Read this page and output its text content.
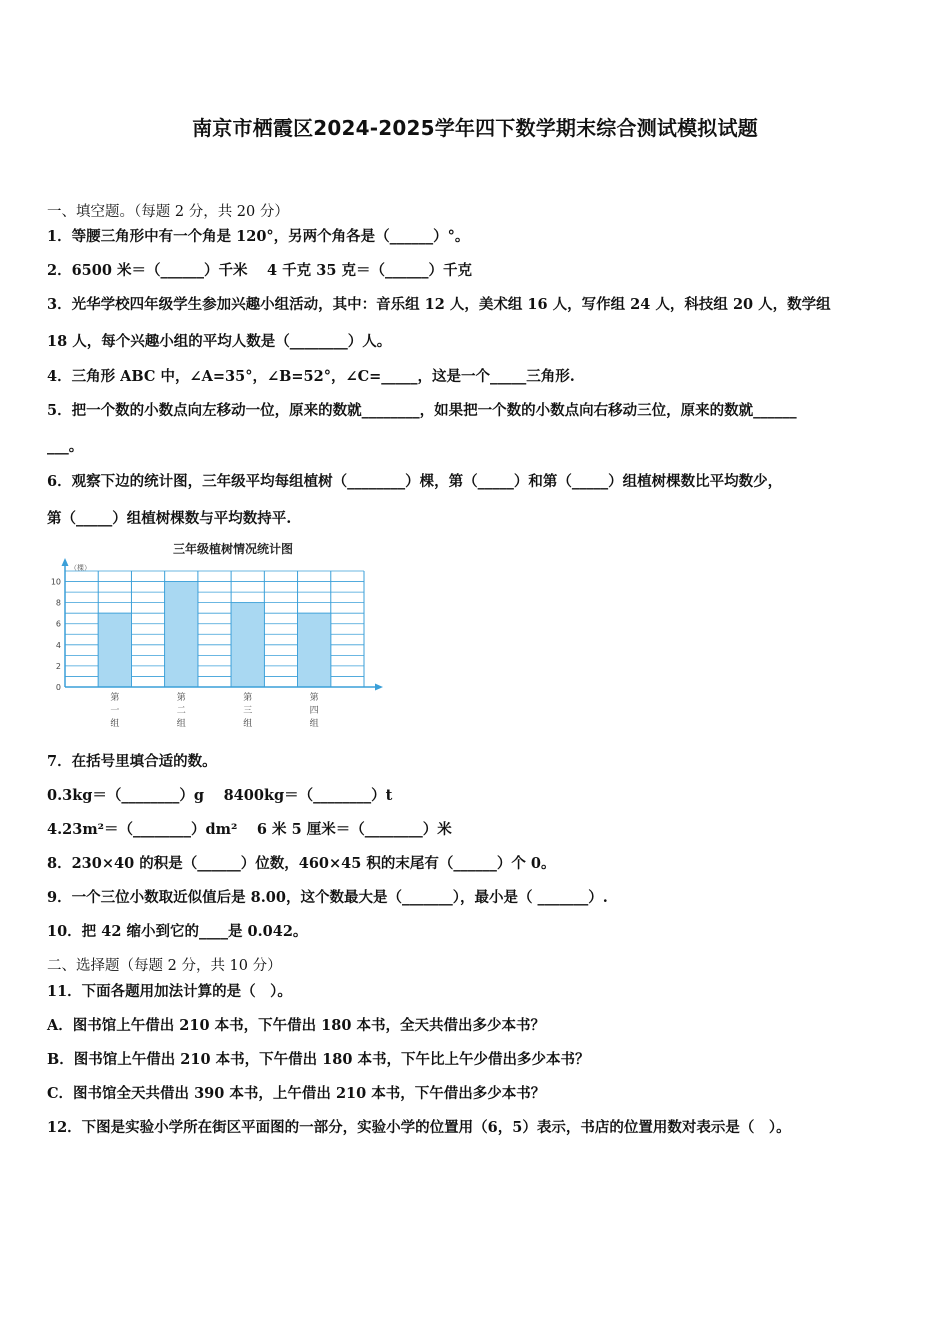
南京市栖霞区2024-2025学年四下数学期末综合测试模拟试题
一、填空题。（每题 2 分，共 20 分）
1．等腰三角形中有一个角是 120°，另两个角各是（______）°。
2．6500 米＝（______）千米　 4 千克 35 克＝（______）千克
3．光华学校四年级学生参加兴趣小组活动，其中：音乐组 12 人，美术组 16 人，写作组 24 人，科技组 20 人，数学组
18 人，每个兴趣小组的平均人数是（________）人。
4．三角形 ABC 中，∠A=35°，∠B=52°，∠C=_____，这是一个_____三角形.
5．把一个数的小数点向左移动一位，原来的数就________，如果把一个数的小数点向右移动三位，原来的数就______
___。
6．观察下边的统计图，三年级平均每组植树（________）棵，第（_____）和第（_____）组植树棵数比平均数少，
第（_____）组植树棵数与平均数持平.
三年级植树情况统计图
（棵）
0
2
4
6
8
10
第一组
第二组
第三组
第四组
7．在括号里填合适的数。
0.3kg＝（________）g　 8400kg＝（________）t
4.23m²＝（________）dm²　 6 米 5 厘米＝（________）米
8．230×40 的积是（______）位数，460×45 积的末尾有（______）个 0。
9．一个三位小数取近似值后是 8.00，这个数最大是（_______），最小是（ _______）.
10．把 42 缩小到它的____是 0.042。
二、选择题（每题 2 分，共 10 分）
11．下面各题用加法计算的是（　）。
A．图书馆上午借出 210 本书，下午借出 180 本书，全天共借出多少本书？
B．图书馆上午借出 210 本书，下午借出 180 本书，下午比上午少借出多少本书？
C．图书馆全天共借出 390 本书，上午借出 210 本书，下午借出多少本书？
12．下图是实验小学所在街区平面图的一部分，实验小学的位置用（6，5）表示，书店的位置用数对表示是（　）。
